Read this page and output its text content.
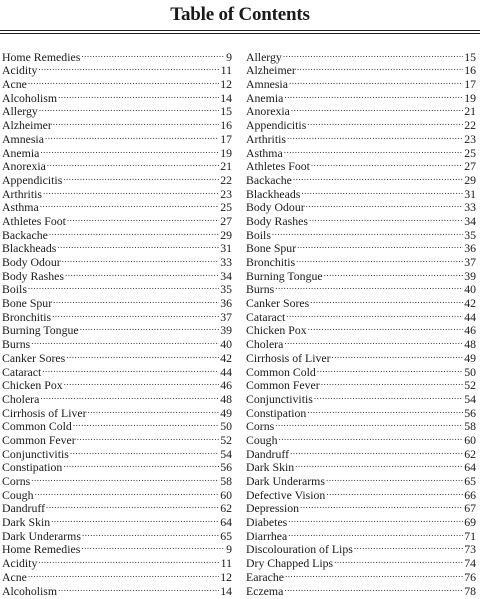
Table of Contents
Home Remedies .....	9
Acidity .....	11
Acne .....	12
Alcoholism .....	14
Allergy .....	15
Alzheimer .....	16
Amnesia .....	17
Anemia .....	19
Anorexia .....	21
Appendicitis .....	22
Arthritis .....	23
Asthma .....	25
Athletes Foot .....	27
Backache .....	29
Blackheads .....	31
Body Odour .....	33
Body Rashes .....	34
Boils .....	35
Bone Spur .....	36
Bronchitis .....	37
Burning Tongue .....	39
Burns .....	40
Canker Sores .....	42
Cataract .....	44
Chicken Pox .....	46
Cholera .....	48
Cirrhosis of Liver .....	49
Common Cold .....	50
Common Fever .....	52
Conjunctivitis .....	54
Constipation .....	56
Corns .....	58
Cough .....	60
Dandruff .....	62
Dark Skin .....	64
Dark Underarms .....	65
Home Remedies .....	9
Acidity .....	11
Acne .....	12
Alcoholism .....	14
Allergy .....	15
Alzheimer .....	16
Amnesia .....	17
Anemia .....	19
Anorexia .....	21
Appendicitis .....	22
Arthritis .....	23
Asthma .....	25
Athletes Foot .....	27
Backache .....	29
Blackheads .....	31
Body Odour .....	33
Body Rashes .....	34
Boils .....	35
Bone Spur .....	36
Bronchitis .....	37
Burning Tongue .....	39
Burns .....	40
Canker Sores .....	42
Cataract .....	44
Chicken Pox .....	46
Cholera .....	48
Cirrhosis of Liver .....	49
Common Cold .....	50
Common Fever .....	52
Conjunctivitis .....	54
Constipation .....	56
Corns .....	58
Cough .....	60
Dandruff .....	62
Dark Skin .....	64
Dark Underarms .....	65
Defective Vision .....	66
Depression .....	67
Diabetes .....	69
Diarrhea .....	71
Discolouration of Lips .....	73
Dry Chapped Lips .....	74
Earache .....	76
Eczema .....	78
